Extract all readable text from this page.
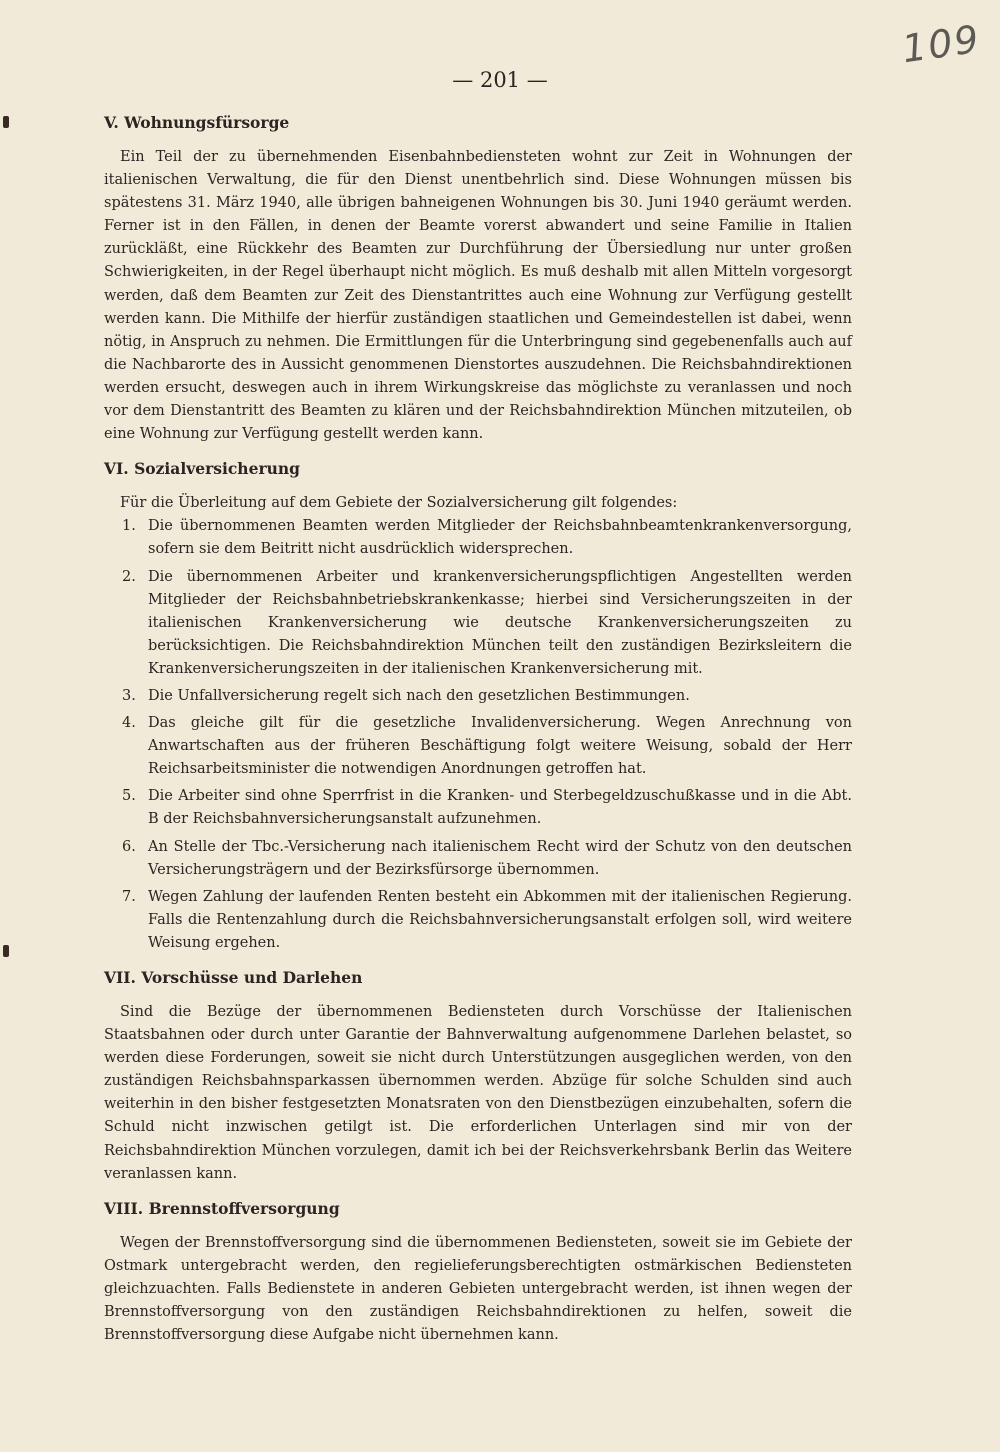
109
— 201 —
V. Wohnungsfürsorge

Ein Teil der zu übernehmenden Eisenbahnbediensteten wohnt zur Zeit in Wohnungen der italienischen Verwaltung, die für den Dienst unentbehrlich sind. Diese Wohnungen müssen bis spätestens 31. März 1940, alle übrigen bahneigenen Wohnungen bis 30. Juni 1940 geräumt werden. Ferner ist in den Fällen, in denen der Beamte vorerst abwandert und seine Familie in Italien zurückläßt, eine Rückkehr des Beamten zur Durchführung der Übersiedlung nur unter großen Schwierigkeiten, in der Regel überhaupt nicht möglich. Es muß deshalb mit allen Mitteln vorgesorgt werden, daß dem Beamten zur Zeit des Dienstantrittes auch eine Wohnung zur Verfügung gestellt werden kann. Die Mithilfe der hierfür zuständigen staatlichen und Gemeindestellen ist dabei, wenn nötig, in Anspruch zu nehmen. Die Ermittlungen für die Unterbringung sind gegebenenfalls auch auf die Nachbarorte des in Aussicht genommenen Dienstortes auszudehnen. Die Reichsbahndirektionen werden ersucht, deswegen auch in ihrem Wirkungskreise das möglichste zu veranlassen und noch vor dem Dienstantritt des Beamten zu klären und der Reichsbahndirektion München mitzuteilen, ob eine Wohnung zur Verfügung gestellt werden kann.

VI. Sozialversicherung

Für die Überleitung auf dem Gebiete der Sozialversicherung gilt folgendes:

1. Die übernommenen Beamten werden Mitglieder der Reichsbahnbeamtenkrankenversorgung, sofern sie dem Beitritt nicht ausdrücklich widersprechen.
2. Die übernommenen Arbeiter und krankenversicherungspflichtigen Angestellten werden Mitglieder der Reichsbahnbetriebskrankenkasse; hierbei sind Versicherungszeiten in der italienischen Krankenversicherung wie deutsche Krankenversicherungszeiten zu berücksichtigen. Die Reichsbahndirektion München teilt den zuständigen Bezirksleitern die Krankenversicherungszeiten in der italienischen Krankenversicherung mit.
3. Die Unfallversicherung regelt sich nach den gesetzlichen Bestimmungen.
4. Das gleiche gilt für die gesetzliche Invalidenversicherung. Wegen Anrechnung von Anwartschaften aus der früheren Beschäftigung folgt weitere Weisung, sobald der Herr Reichsarbeitsminister die notwendigen Anordnungen getroffen hat.
5. Die Arbeiter sind ohne Sperrfrist in die Kranken- und Sterbegeldzuschußkasse und in die Abt. B der Reichsbahnversicherungsanstalt aufzunehmen.
6. An Stelle der Tbc.-Versicherung nach italienischem Recht wird der Schutz von den deutschen Versicherungsträgern und der Bezirksfürsorge übernommen.
7. Wegen Zahlung der laufenden Renten besteht ein Abkommen mit der italienischen Regierung. Falls die Rentenzahlung durch die Reichsbahnversicherungsanstalt erfolgen soll, wird weitere Weisung ergehen.
VII. Vorschüsse und Darlehen

Sind die Bezüge der übernommenen Bediensteten durch Vorschüsse der Italienischen Staatsbahnen oder durch unter Garantie der Bahnverwaltung aufgenommene Darlehen belastet, so werden diese Forderungen, soweit sie nicht durch Unterstützungen ausgeglichen werden, von den zuständigen Reichsbahnsparkassen übernommen werden. Abzüge für solche Schulden sind auch weiterhin in den bisher festgesetzten Monatsraten von den Dienstbezügen einzubehalten, sofern die Schuld nicht inzwischen getilgt ist. Die erforderlichen Unterlagen sind mir von der Reichsbahndirektion München vorzulegen, damit ich bei der Reichsverkehrsbank Berlin das Weitere veranlassen kann.

VIII. Brennstoffversorgung

Wegen der Brennstoffversorgung sind die übernommenen Bediensteten, soweit sie im Gebiete der Ostmark untergebracht werden, den regielieferungsberechtigten ostmärkischen Bediensteten gleichzuachten. Falls Bedienstete in anderen Gebieten untergebracht werden, ist ihnen wegen der Brennstoffversorgung von den zuständigen Reichsbahndirektionen zu helfen, soweit die Brennstoffversorgung diese Aufgabe nicht übernehmen kann.
